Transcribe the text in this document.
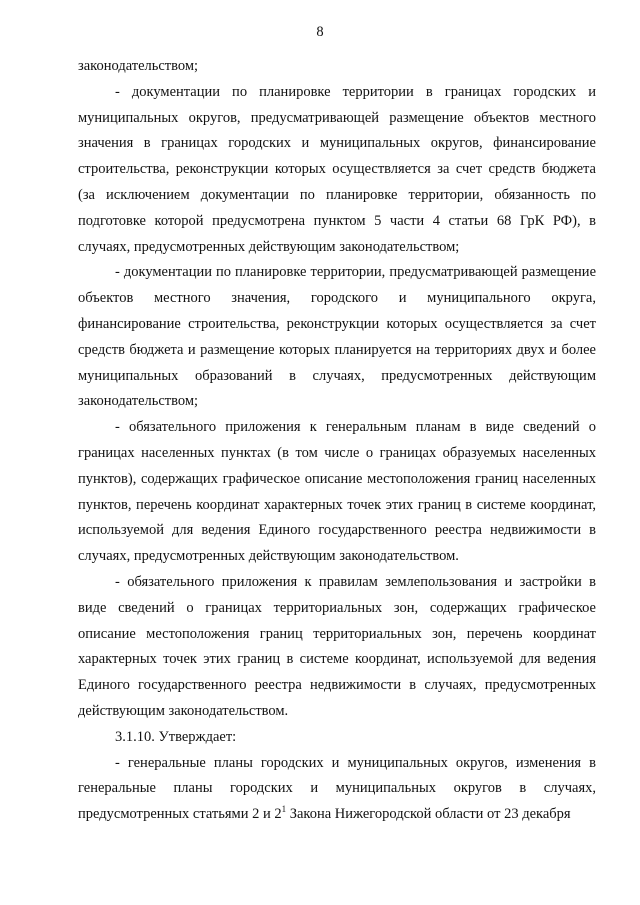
8

законодательством;

- документации по планировке территории в границах городских и муниципальных округов, предусматривающей размещение объектов местного значения в границах городских и муниципальных округов, финансирование строительства, реконструкции которых осуществляется за счет средств бюджета (за исключением документации по планировке территории, обязанность по подготовке которой предусмотрена пунктом 5 части 4 статьи 68 ГрК РФ), в случаях, предусмотренных действующим законодательством;

- документации по планировке территории, предусматривающей размещение объектов местного значения, городского и муниципального округа, финансирование строительства, реконструкции которых осуществляется за счет средств бюджета и размещение которых планируется на территориях двух и более муниципальных образований в случаях, предусмотренных действующим законодательством;

- обязательного приложения к генеральным планам в виде сведений о границах населенных пунктах (в том числе о границах образуемых населенных пунктов), содержащих графическое описание местоположения границ населенных пунктов, перечень координат характерных точек этих границ в системе координат, используемой для ведения Единого государственного реестра недвижимости в случаях, предусмотренных действующим законодательством.

- обязательного приложения к правилам землепользования и застройки в виде сведений о границах территориальных зон, содержащих графическое описание местоположения границ территориальных зон, перечень координат характерных точек этих границ в системе координат, используемой для ведения Единого государственного реестра недвижимости в случаях, предусмотренных действующим законодательством.

3.1.10. Утверждает:

- генеральные планы городских и муниципальных округов, изменения в генеральные планы городских и муниципальных округов в случаях, предусмотренных статьями 2 и $2^1$ Закона Нижегородской области от 23 декабря
